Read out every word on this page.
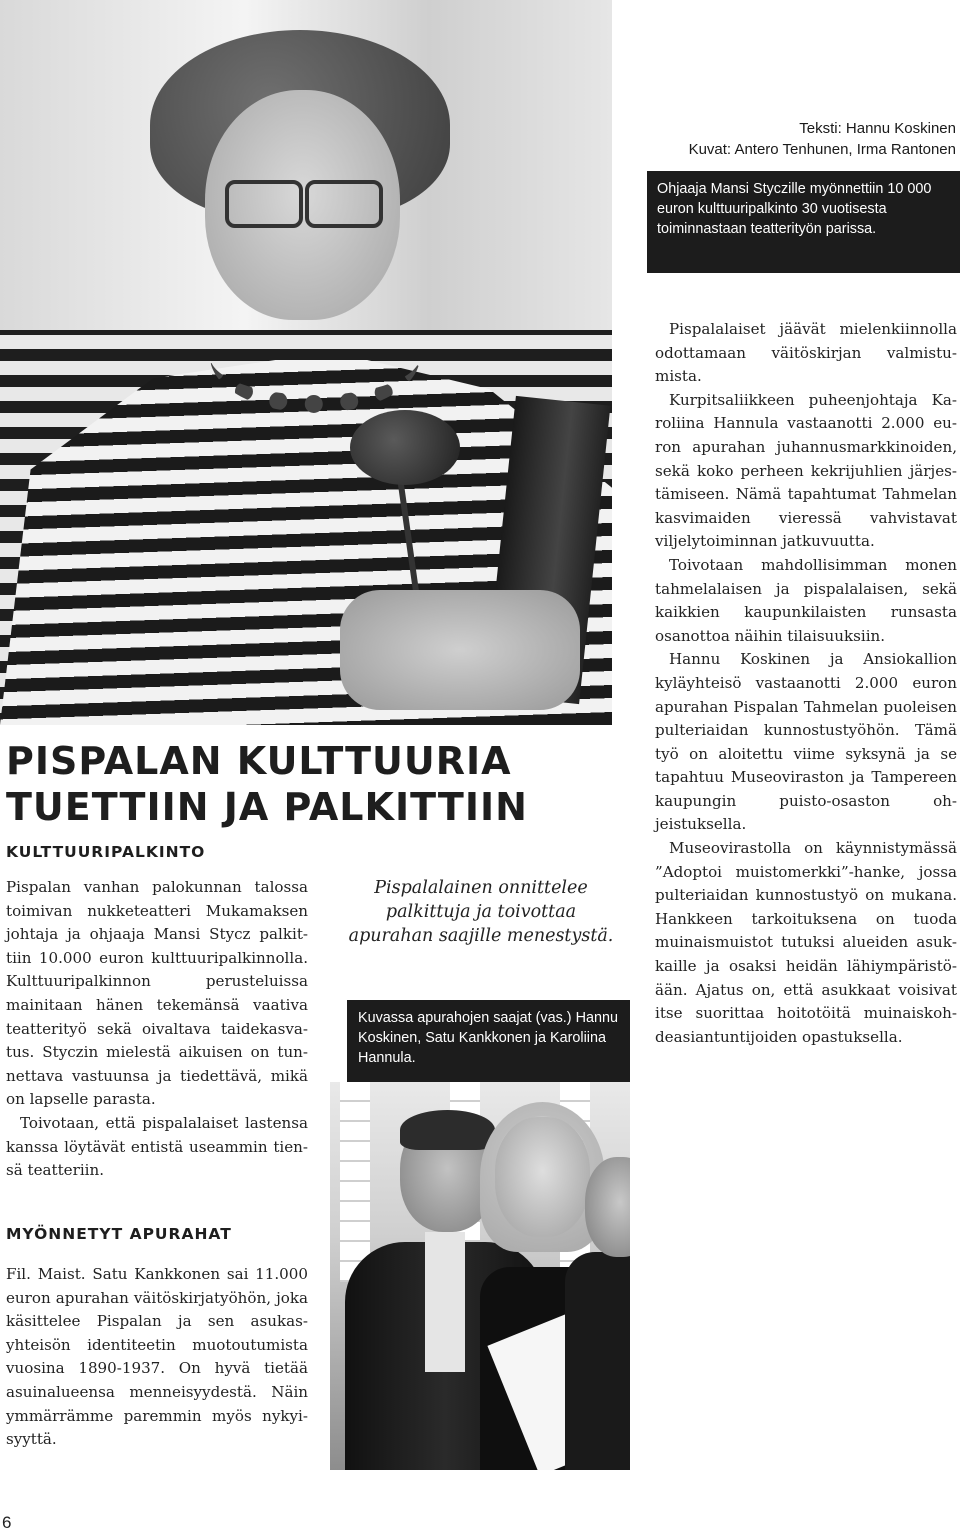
Teksti: Hannu Koskinen
Kuvat: Antero Tenhunen, Irma Rantonen
Ohjaaja Mansi Styczille myönnettiin 10 000 euron kulttuuripalkinto 30 vuotisesta toiminnastaan teatterityön parissa.
PISPALAN KULTTUURIA
TUETTIIN JA PALKITTIIN
KULTTUURIPALKINTO

Pispalan vanhan palokunnan talossa toimivan nukketeatteri Mukamaksen johtaja ja ohjaaja Mansi Stycz palkittiin 10.000 euron kulttuuripalkinnolla. Kulttuuripalkinnon perusteluissa mainitaan hänen tekemänsä vaativa teatterityö sekä oivaltava taidekasvatus. Styczin mielestä aikuisen on tunnettava vastuunsa ja tiedettävä, mikä on lapselle parasta.

Toivotaan, että pispalalaiset lastensa kanssa löytävät entistä useammin tiensä teatteriin.

MYÖNNETYT APURAHAT

Fil. Maist. Satu Kankkonen sai 11.000 euron apurahan väitöskirjatyöhön, joka käsittelee Pispalan ja sen asukasyhteisön identiteetin muotoutumista vuosina 1890-1937. On hyvä tietää asuinalueensa menneisyydestä. Näin ymmärrämme paremmin myös nykyisyyttä.

Pispalalainen onnittelee palkittuja ja toivottaa apurahan saajille menestystä.
Kuvassa apurahojen saajat (vas.) Hannu Koskinen, Satu Kankkonen ja Karoliina Hannula.

Pispalalaiset jäävät mielenkiinnolla odottamaan väitöskirjan valmistumista.

Kurpitsaliikkeen puheenjohtaja Karoliina Hannula vastaanotti 2.000 euron apurahan juhannusmarkkinoiden, sekä koko perheen kekrijuhlien järjestämiseen. Nämä tapahtumat Tahmelan kasvimaiden vieressä vahvistavat viljelytoiminnan jatkuvuutta.

Toivotaan mahdollisimman monen tahmelalaisen ja pispalalaisen, sekä kaikkien kaupunkilaisten runsasta osanottoa näihin tilaisuuksiin.

Hannu Koskinen ja Ansiokallion kyläyhteisö vastaanotti 2.000 euron apurahan Pispalan Tahmelan puoleisen pulteriaidan kunnostustyöhön. Tämä työ on aloitettu viime syksynä ja se tapahtuu Museoviraston ja Tampereen kaupungin puisto-osaston ohjeistuksella.

Museovirastolla on käynnistymässä ”Adoptoi muistomerkki”-hanke, jossa pulteriaidan kunnostustyö on mukana. Hankkeen tarkoituksena on tuoda muinaismuistot tutuksi alueiden asukkaille ja osaksi heidän lähiympäristöään. Ajatus on, että asukkaat voisivat itse suorittaa hoitotöitä muinaiskohdeasiantuntijoiden opastuksella.

6
